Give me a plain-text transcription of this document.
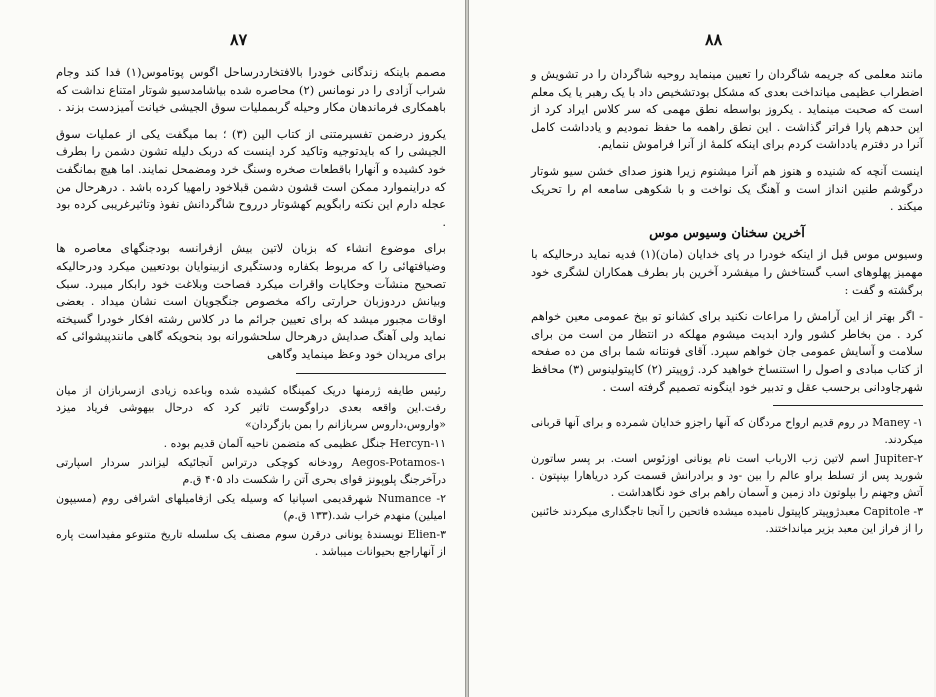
۸۷

مصمم باینکه زندگانی خودرا بالافتخاردرساحل اگوس پوتاموس(۱) فدا کند وجام شراب آزادی را در نومانس (۲) محاصره شده بیاشامدسیو شوتار امتناع نداشت که باهمکاری فرماندهان مکار وحیله گربمملیات سوق الجیشی خیانت آمیزدست بزند .

یکروز درضمن تفسیرمتنی از کتاب الین (۳) ؛ بما میگفت یکی از عملیات سوق الجیشی را که بایدتوجیه وتاکید کرد اینست که دربک دلیله تشون دشمن را بطرف خود کشیده و آنهارا باقطعات صخره وسنگ خرد ومضمحل نمایند. اما هیچ بمانگفت که دراینموارد ممکن است قشون دشمن قبلاخود رامهیا کرده باشد . درهرحال من عجله دارم این نکته رابگویم کهشوتار درروح شاگردانش نفوذ وتاثیرغریبی کرده بود .

برای موضوع انشاء که بزبان لاتین بیش ازفرانسه بودجنگهای معاصره ها وضیافتهائی را که مربوط بکفاره ودستگیری ازبینوایان بودتعیین میکرد ودرحالیکه تصحیح منشآت وحکایات واقرات میکرد فصاحت وبلاغت خود رابکار میبرد. سبک وبیانش دردوزبان حرارتی راکه مخصوص جنگجویان است نشان میداد . بعضی اوقات مجبور میشد که برای تعیین جرائم ما در کلاس رشته افکار خودرا گسیخته نماید ولی آهنگ صدایش درهرحال سلحشورانه بود بنحویکه گاهی مانندپیشوائی که برای مریدان خود وعظ مینماید وگاهی

رئیس طایفه ژرمنها دریک کمینگاه کشیده شده وباعده زیادی ازسربازان از میان رفت.این واقعه بعدی دراوگوست تاثیر کرد که درحال بیهوشی فریاد میزد «واروس،داروس سربازانم را بمن بازگردان»

۱۱-Hercyn جنگل عظیمی که متضمن ناحیه آلمان قدیم بوده .

۱-Aegos-Potamos رودخانه کوچکی درتراس آنجائیکه لیزاندر سردار اسپارتی درآخرجنگ پلوپونز قوای بحری آتن را شکست داد ۴۰۵ ق.م

۲- Numance شهرقدیمی اسپانیا که وسیله یکی ازفامیلهای اشرافی روم (مسیپون امیلین) منهدم خراب شد.(۱۳۳ ق.م)

۳-Elien نویسندهٔ یونانی درقرن سوم مصنف یک سلسله تاریخ متنوعو مفیداست پاره از آنهاراجع بحیوانات میباشد .

۸۸

مانند معلمی که جریمه شاگردان را تعیین مینماید روحیه شاگردان را در تشویش و اضطراب عظیمی میانداخت بعدی که مشکل بودتشخیص داد با یک رهبر یا یک معلم است که صحبت مینماید . یکروز بواسطه نطق مهمی که سر کلاس ایراد کرد از این حدهم پارا فراتر گذاشت . این نطق راهمه ما حفظ نمودیم و یادداشت کامل آنرا در دفترم یادداشت کردم برای اینکه کلمهٔ از آنرا فراموش ننمایم.

اینست آنچه که شنیده و هنوز هم آنرا میشنوم زیرا هنوز صدای خشن سیو شوتار درگوشم طنین انداز است و آهنگ یک نواخت و با شکوهی سامعه ام را تحریک میکند .

آخرین سخنان وسیوس موس

وسیوس موس قبل از اینکه خودرا در پای خدایان (مان)(۱) فدیه نماید درحالیکه با مهمیز پهلوهای اسب گستاخش را میفشرد آخرین بار بطرف همکاران لشگری خود برگشته و گفت :

- اگر بهتر از این آرامش را مراعات نکنید برای کشانو تو بیخ عمومی معین خواهم کرد . من بخاطر کشور وارد ابدیت میشوم مهلکه در انتظار من است من برای سلامت و آسایش عمومی جان خواهم سپرد. آقای فونتانه شما برای من ده صفحه از کتاب مبادی و اصول را استنساخ خواهید کرد. ژوپیتر (۲) کاپیتولینوس (۳) محافظ شهرجاودانی برحسب عقل و تدبیر خود اینگونه تصمیم گرفته است .

۱- Maney در روم قدیم ارواح مردگان که آنها راجزو خدایان شمرده و برای آنها قربانی میکردند.

۲-Jupiter اسم لاتین زب الارباب است نام یونانی اوزئوس است. بر پسر ساتورن شورید پس از تسلط براو عالم را بین -ود و برادرانش قسمت کرد دریاهارا بپنپتون . آتش وجهنم را بپلوتون داد زمین و آسمان راهم برای خود نگاهداشت .

۳- Capitole معبدژوپیتر کاپیتول نامیده میشده فاتحین را آنجا تاجگذاری میکردند خائنین را از فراز این معبد بزیر میانداختند.
